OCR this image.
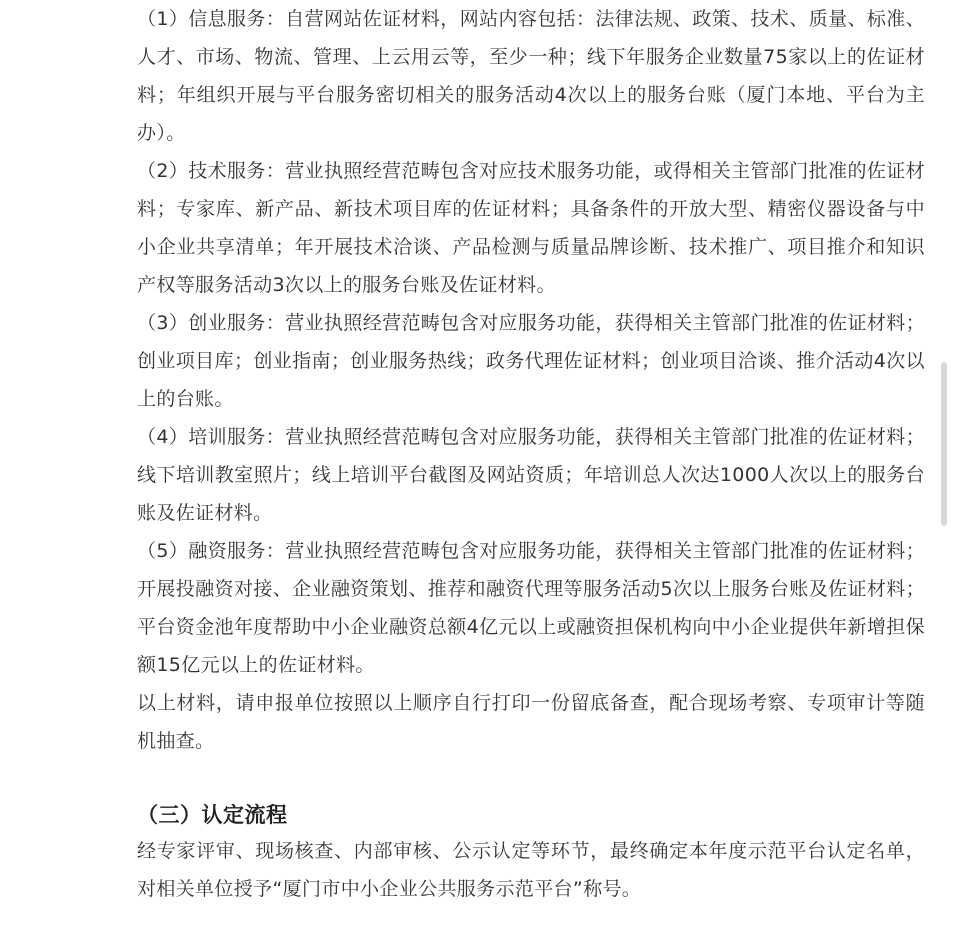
（1）信息服务：自营网站佐证材料，网站内容包括：法律法规、政策、技术、质量、标准、人才、市场、物流、管理、上云用云等，至少一种；线下年服务企业数量75家以上的佐证材料；年组织开展与平台服务密切相关的服务活动4次以上的服务台账（厦门本地、平台为主办）。

（2）技术服务：营业执照经营范畴包含对应技术服务功能，或得相关主管部门批准的佐证材料；专家库、新产品、新技术项目库的佐证材料；具备条件的开放大型、精密仪器设备与中小企业共享清单；年开展技术洽谈、产品检测与质量品牌诊断、技术推广、项目推介和知识产权等服务活动3次以上的服务台账及佐证材料。

（3）创业服务：营业执照经营范畴包含对应服务功能，获得相关主管部门批准的佐证材料；创业项目库；创业指南；创业服务热线；政务代理佐证材料；创业项目洽谈、推介活动4次以上的台账。

（4）培训服务：营业执照经营范畴包含对应服务功能，获得相关主管部门批准的佐证材料；线下培训教室照片；线上培训平台截图及网站资质；年培训总人次达1000人次以上的服务台账及佐证材料。

（5）融资服务：营业执照经营范畴包含对应服务功能，获得相关主管部门批准的佐证材料；开展投融资对接、企业融资策划、推荐和融资代理等服务活动5次以上服务台账及佐证材料；平台资金池年度帮助中小企业融资总额4亿元以上或融资担保机构向中小企业提供年新增担保额15亿元以上的佐证材料。

以上材料，请申报单位按照以上顺序自行打印一份留底备查，配合现场考察、专项审计等随机抽查。

（三）认定流程

经专家评审、现场核查、内部审核、公示认定等环节，最终确定本年度示范平台认定名单，对相关单位授予“厦门市中小企业公共服务示范平台”称号。
